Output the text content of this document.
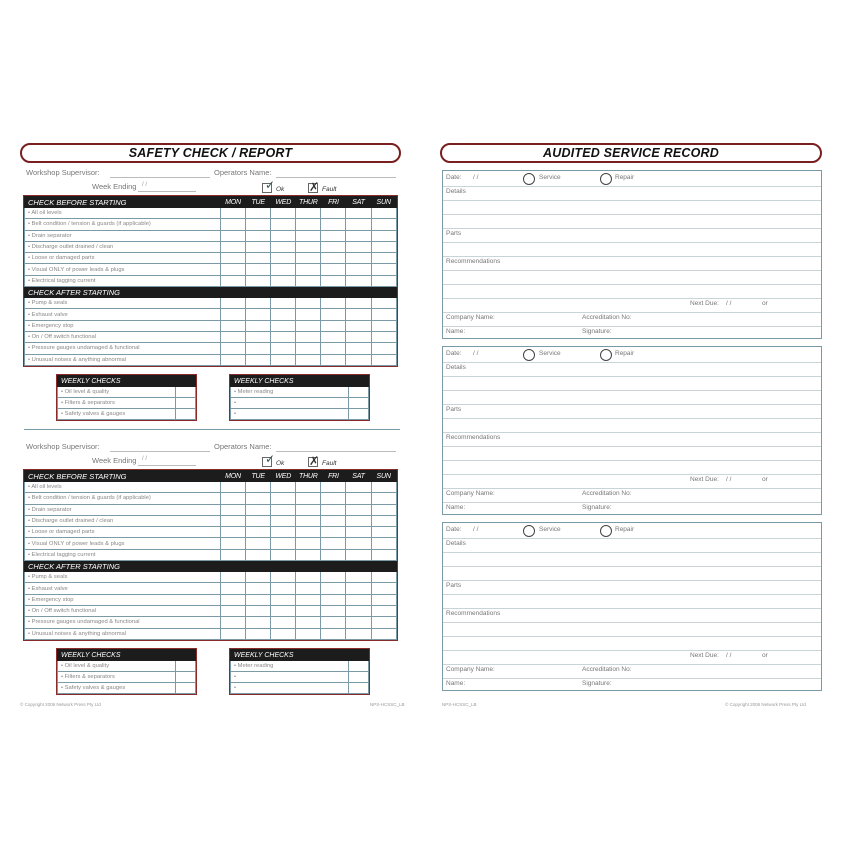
SAFETY CHECK / REPORT
Workshop Supervisor:	Operators Name:
Week Ending / /	✓ Ok ✗ Fault
CHECK BEFORE STARTING	MON	TUE	WED	THUR	FRI	SAT	SUN
• All oil levels							
• Belt condition / tension & guards (if applicable)							
• Drain separator							
• Discharge outlet drained / clean							
• Loose or damaged parts							
• Visual ONLY of power leads & plugs							
• Electrical tagging current							
CHECK AFTER STARTING							
• Pump & seals							
• Exhaust valve							
• Emergency stop							
• On / Off switch functional							
• Pressure gauges undamaged & functional							
• Unusual noises & anything abnormal							
WEEKLY CHECKS	
• Oil level & quality	
• Filters & separators	
• Safety valves & gauges	
WEEKLY CHECKS	
• Meter reading	
•	
•	
Workshop Supervisor:	Operators Name:
Week Ending / /	✓ Ok ✗ Fault
CHECK BEFORE STARTING	MON	TUE	WED	THUR	FRI	SAT	SUN
• All oil levels							
• Belt condition / tension & guards (if applicable)							
• Drain separator							
• Discharge outlet drained / clean							
• Loose or damaged parts							
• Visual ONLY of power leads & plugs							
• Electrical tagging current							
CHECK AFTER STARTING							
• Pump & seals							
• Exhaust valve							
• Emergency stop							
• On / Off switch functional							
• Pressure gauges undamaged & functional							
• Unusual noises & anything abnormal							
WEEKLY CHECKS	
• Oil level & quality	
• Filters & separators	
• Safety valves & gauges	
WEEKLY CHECKS	
• Meter reading	
•	
•	
© Copyright 2006 Network Press Pty Ltd	NPS-HCSSC_LB
AUDITED SERVICE RECORD
Date: / /	Service	Repair
Details
Parts
Recommendations
Next Due: / /	or
Company Name:	Accreditation No:
Name:	Signature:
Date: / /	Service	Repair
Details
Parts
Recommendations
Next Due: / /	or
Company Name:	Accreditation No:
Name:	Signature:
Date: / /	Service	Repair
Details
Parts
Recommendations
Next Due: / /	or
Company Name:	Accreditation No:
Name:	Signature:
NPS-HCSSC_LB	© Copyright 2006 Network Press Pty Ltd
